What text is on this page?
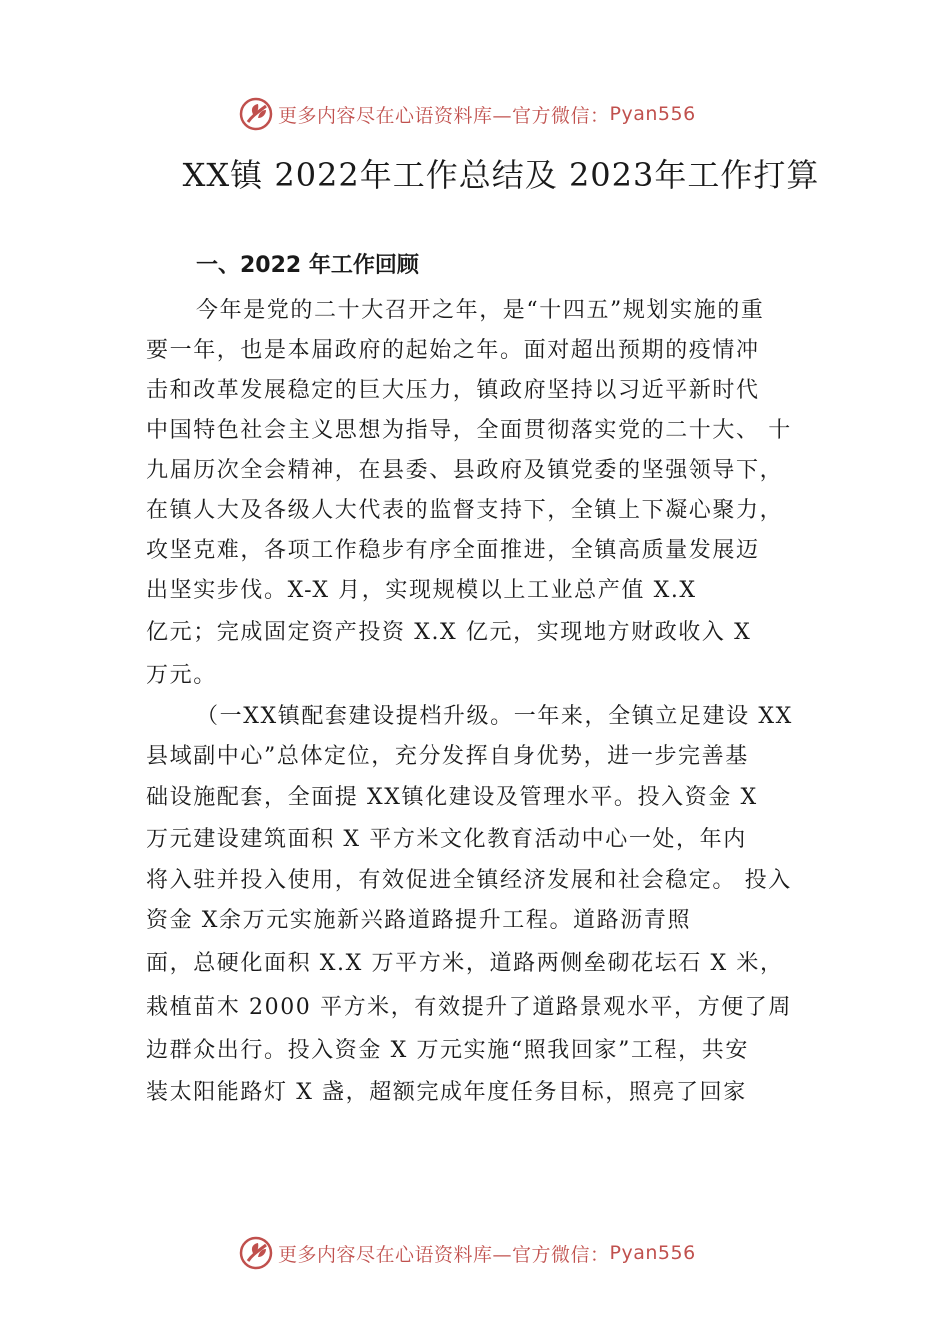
更多内容尽在心语资料库—官方微信： Pyan556
XX镇 2022年工作总结及 2023年工作打算
一、2022 年工作回顾
今年是党的二十大召开之年，是“十四五”规划实施的重
要一年，也是本届政府的起始之年。面对超出预期的疫情冲
击和改革发展稳定的巨大压力，镇政府坚持以习近平新时代
中国特色社会主义思想为指导，全面贯彻落实党的二十大、 十
九届历次全会精神，在县委、县政府及镇党委的坚强领导下，
在镇人大及各级人大代表的监督支持下，全镇上下凝心聚力，
攻坚克难，各项工作稳步有序全面推进，全镇高质量发展迈
出坚实步伐。X-X 月，实现规模以上工业总产值 X.X
亿元；完成固定资产投资 X.X 亿元，实现地方财政收入 X
万元。
（一XX镇配套建设提档升级。一年来，全镇立足建设 XX
县域副中心”总体定位，充分发挥自身优势，进一步完善基
础设施配套，全面提 XX镇化建设及管理水平。投入资金 X
万元建设建筑面积 X 平方米文化教育活动中心一处，年内
将入驻并投入使用，有效促进全镇经济发展和社会稳定。 投入
资金 X余万元实施新兴路道路提升工程。道路沥青照
面，总硬化面积 X.X 万平方米，道路两侧垒砌花坛石 X 米，
栽植苗木 2000 平方米，有效提升了道路景观水平，方便了周
边群众出行。投入资金 X 万元实施“照我回家”工程，共安
装太阳能路灯 X 盏，超额完成年度任务目标，照亮了回家
更多内容尽在心语资料库—官方微信： Pyan556
